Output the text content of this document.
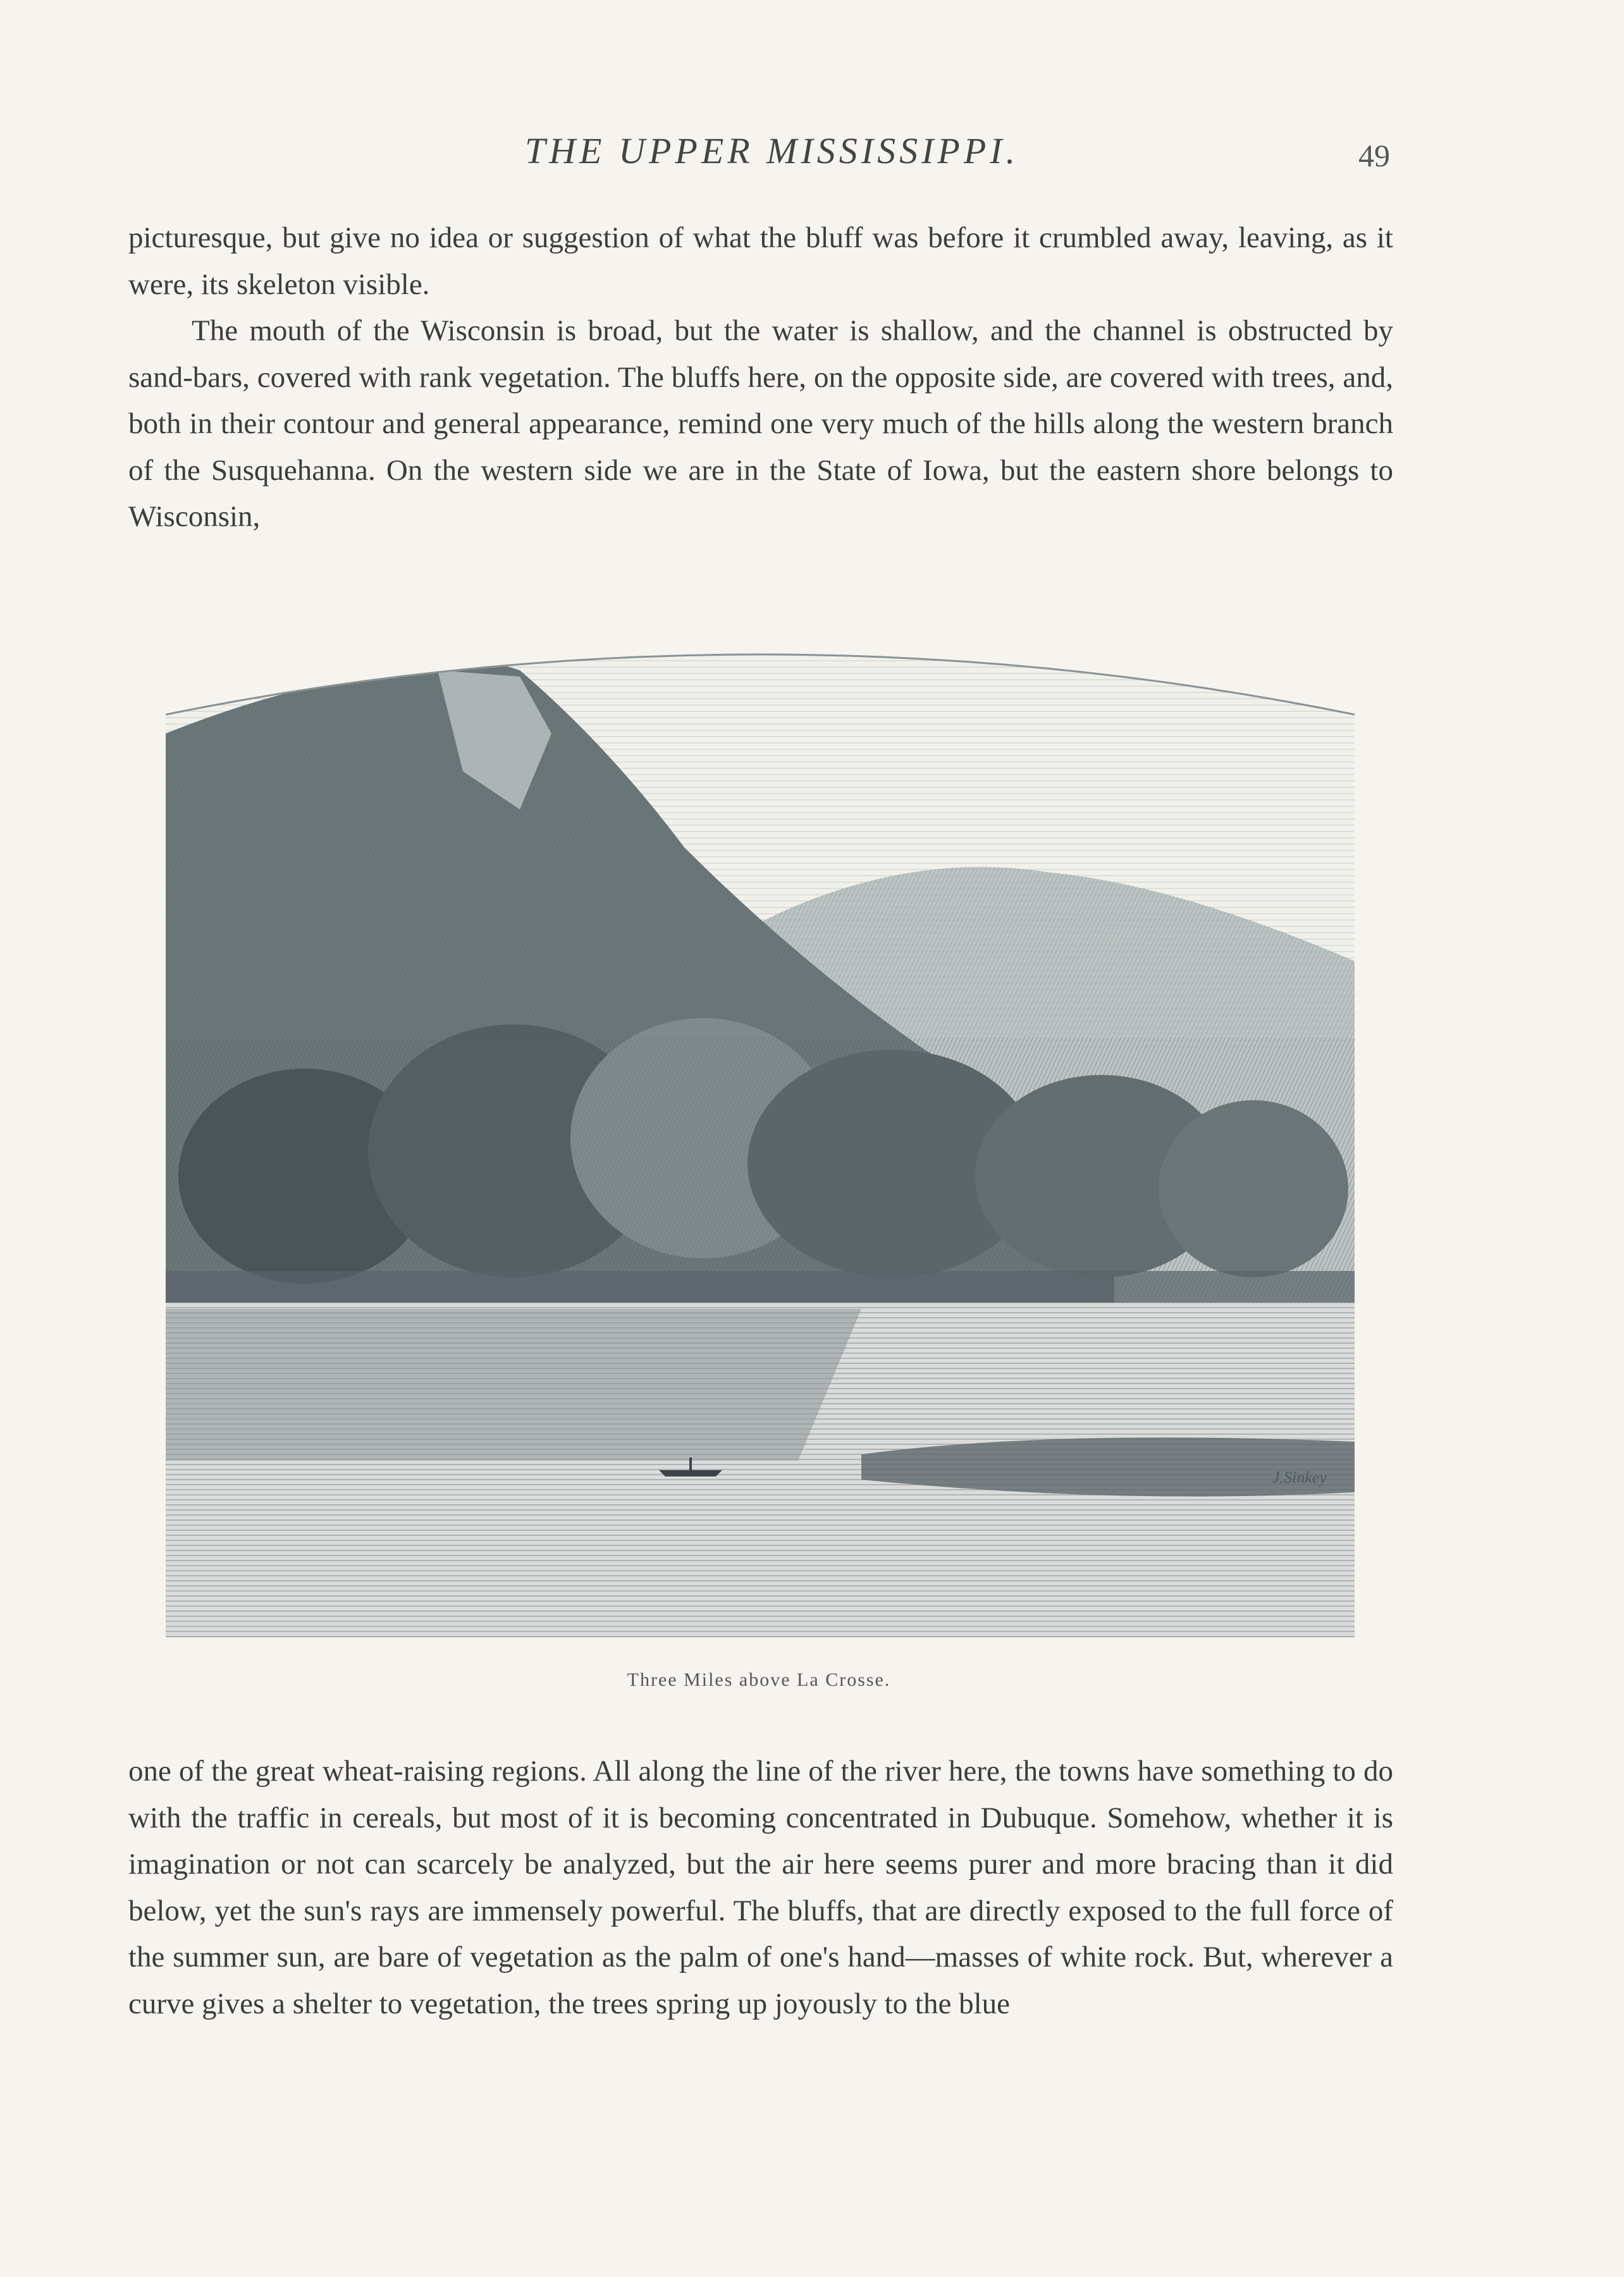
THE UPPER MISSISSIPPI.	49

picturesque, but give no idea or suggestion of what the bluff was before it crumbled away, leaving, as it were, its skeleton visible.

The mouth of the Wisconsin is broad, but the water is shallow, and the channel is obstructed by sand-bars, covered with rank vegetation. The bluffs here, on the opposite side, are covered with trees, and, both in their contour and general appearance, remind one very much of the hills along the western branch of the Susquehanna. On the western side we are in the State of Iowa, but the eastern shore belongs to Wisconsin,

J.Sinkey
Three Miles above La Crosse.

one of the great wheat-raising regions. All along the line of the river here, the towns have something to do with the traffic in cereals, but most of it is becoming concentrated in Dubuque. Somehow, whether it is imagination or not can scarcely be analyzed, but the air here seems purer and more bracing than it did below, yet the sun's rays are immensely powerful. The bluffs, that are directly exposed to the full force of the summer sun, are bare of vegetation as the palm of one's hand—masses of white rock. But, wherever a curve gives a shelter to vegetation, the trees spring up joyously to the blue
